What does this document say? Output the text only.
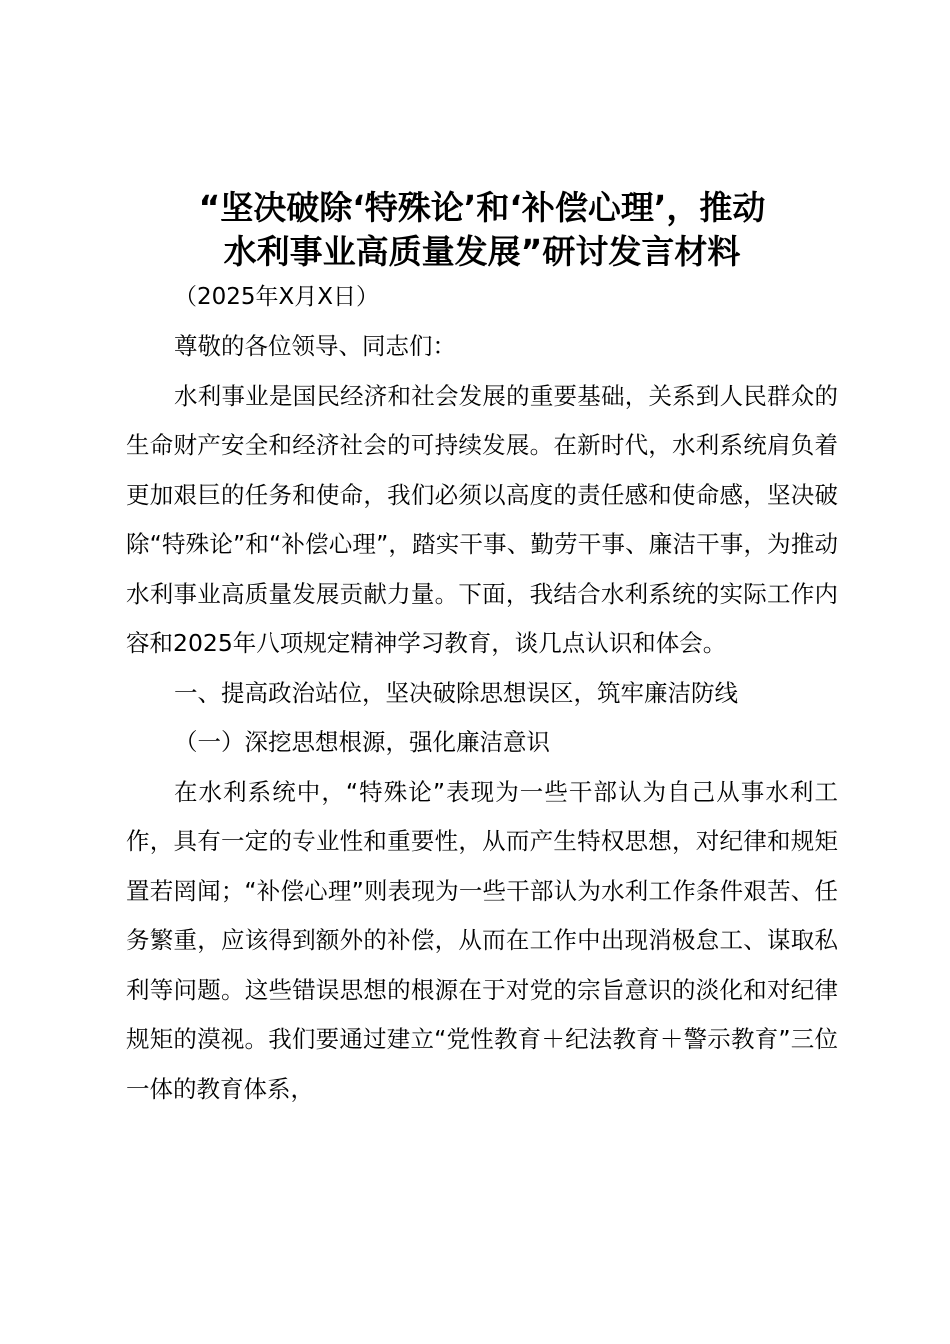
“坚决破除‘特殊论’和‘补偿心理’，推动
水利事业高质量发展”研讨发言材料
（2025年X月X日）

尊敬的各位领导、同志们：

水利事业是国民经济和社会发展的重要基础，关系到人民群众的生命财产安全和经济社会的可持续发展。在新时代，水利系统肩负着更加艰巨的任务和使命，我们必须以高度的责任感和使命感，坚决破除“特殊论”和“补偿心理”，踏实干事、勤劳干事、廉洁干事，为推动水利事业高质量发展贡献力量。下面，我结合水利系统的实际工作内容和2025年八项规定精神学习教育，谈几点认识和体会。

一、提高政治站位，坚决破除思想误区，筑牢廉洁防线

（一）深挖思想根源，强化廉洁意识

在水利系统中，“特殊论”表现为一些干部认为自己从事水利工作，具有一定的专业性和重要性，从而产生特权思想，对纪律和规矩置若罔闻；“补偿心理”则表现为一些干部认为水利工作条件艰苦、任务繁重，应该得到额外的补偿，从而在工作中出现消极怠工、谋取私利等问题。这些错误思想的根源在于对党的宗旨意识的淡化和对纪律规矩的漠视。我们要通过建立“党性教育＋纪法教育＋警示教育”三位一体的教育体系，
